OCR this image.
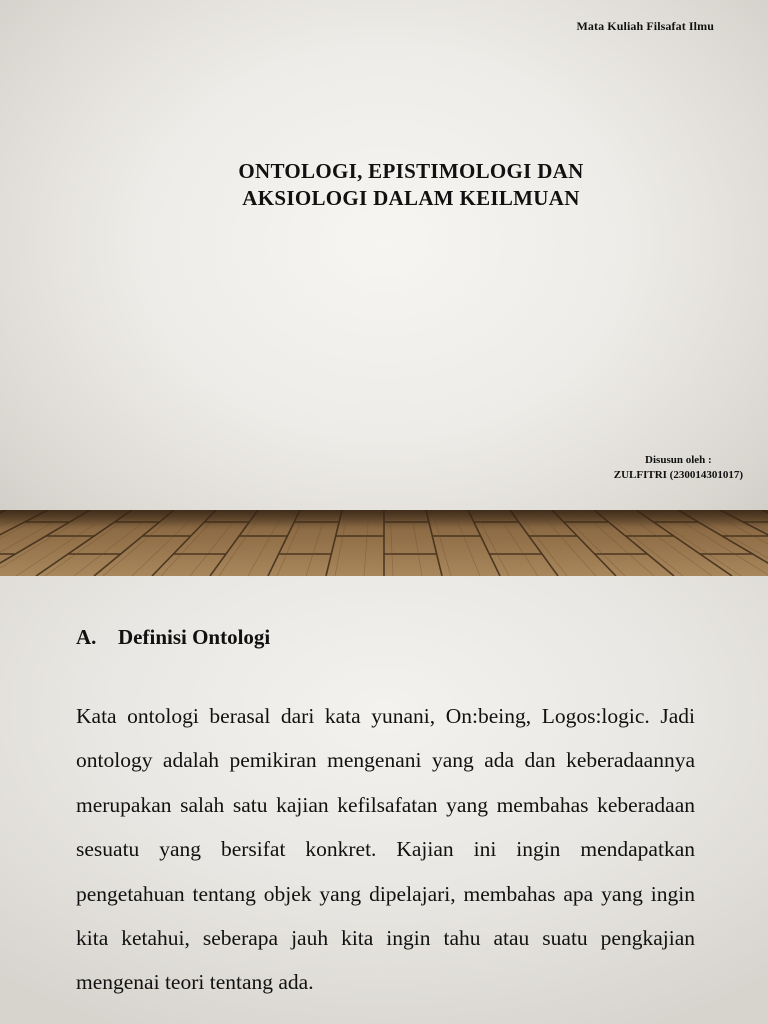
Mata Kuliah Filsafat Ilmu
ONTOLOGI, EPISTIMOLOGI DAN
AKSIOLOGI DALAM KEILMUAN
Disusun oleh :
ZULFITRI (230014301017)
A.	Definisi Ontologi
Kata ontologi berasal dari kata yunani, On:being, Logos:logic. Jadi ontology adalah pemikiran mengenani yang ada dan keberadaannya merupakan salah satu kajian kefilsafatan yang membahas keberadaan sesuatu yang bersifat konkret. Kajian ini ingin mendapatkan pengetahuan tentang objek yang dipelajari, membahas apa yang ingin kita ketahui, seberapa jauh kita ingin tahu atau suatu pengkajian mengenai teori tentang ada.
